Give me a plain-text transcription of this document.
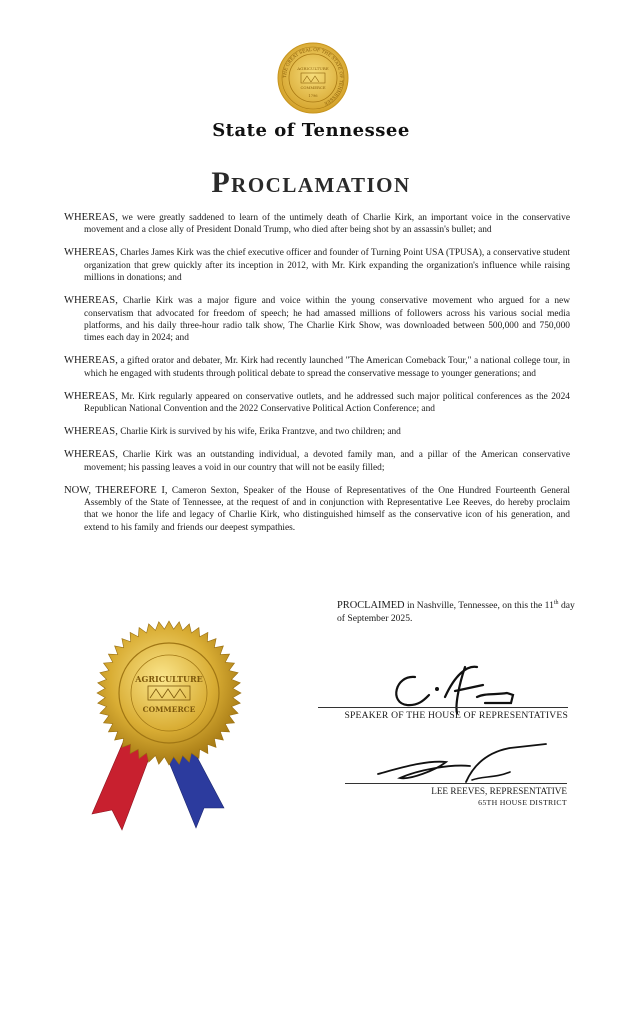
THE GREAT SEAL OF THE STATE OF TENNESSEE
AGRICULTURE
COMMERCE
1796
State of Tennessee
Proclamation

WHEREAS, we were greatly saddened to learn of the untimely death of Charlie Kirk, an important voice in the conservative movement and a close ally of President Donald Trump, who died after being shot by an assassin's bullet; and

WHEREAS, Charles James Kirk was the chief executive officer and founder of Turning Point USA (TPUSA), a conservative student organization that grew quickly after its inception in 2012, with Mr. Kirk expanding the organization's influence while raising millions in donations; and

WHEREAS, Charlie Kirk was a major figure and voice within the young conservative movement who argued for a new conservatism that advocated for freedom of speech; he had amassed millions of followers across his various social media platforms, and his daily three-hour radio talk show, The Charlie Kirk Show, was downloaded between 500,000 and 750,000 times each day in 2024; and

WHEREAS, a gifted orator and debater, Mr. Kirk had recently launched "The American Comeback Tour," a national college tour, in which he engaged with students through political debate to spread the conservative message to younger generations; and

WHEREAS, Mr. Kirk regularly appeared on conservative outlets, and he addressed such major political conferences as the 2024 Republican National Convention and the 2022 Conservative Political Action Conference; and

WHEREAS, Charlie Kirk is survived by his wife, Erika Frantzve, and two children; and

WHEREAS, Charlie Kirk was an outstanding individual, a devoted family man, and a pillar of the American conservative movement; his passing leaves a void in our country that will not be easily filled;

NOW, THEREFORE I, Cameron Sexton, Speaker of the House of Representatives of the One Hundred Fourteenth General Assembly of the State of Tennessee, at the request of and in conjunction with Representative Lee Reeves, do hereby proclaim that we honor the life and legacy of Charlie Kirk, who distinguished himself as the conservative icon of his generation, and extend to his family and friends our deepest sympathies.

PROCLAIMED in Nashville, Tennessee, on this the 11th day of September 2025.
AGRICULTURE
COMMERCE
SPEAKER OF THE HOUSE OF REPRESENTATIVES
LEE REEVES, REPRESENTATIVE
65TH HOUSE DISTRICT
